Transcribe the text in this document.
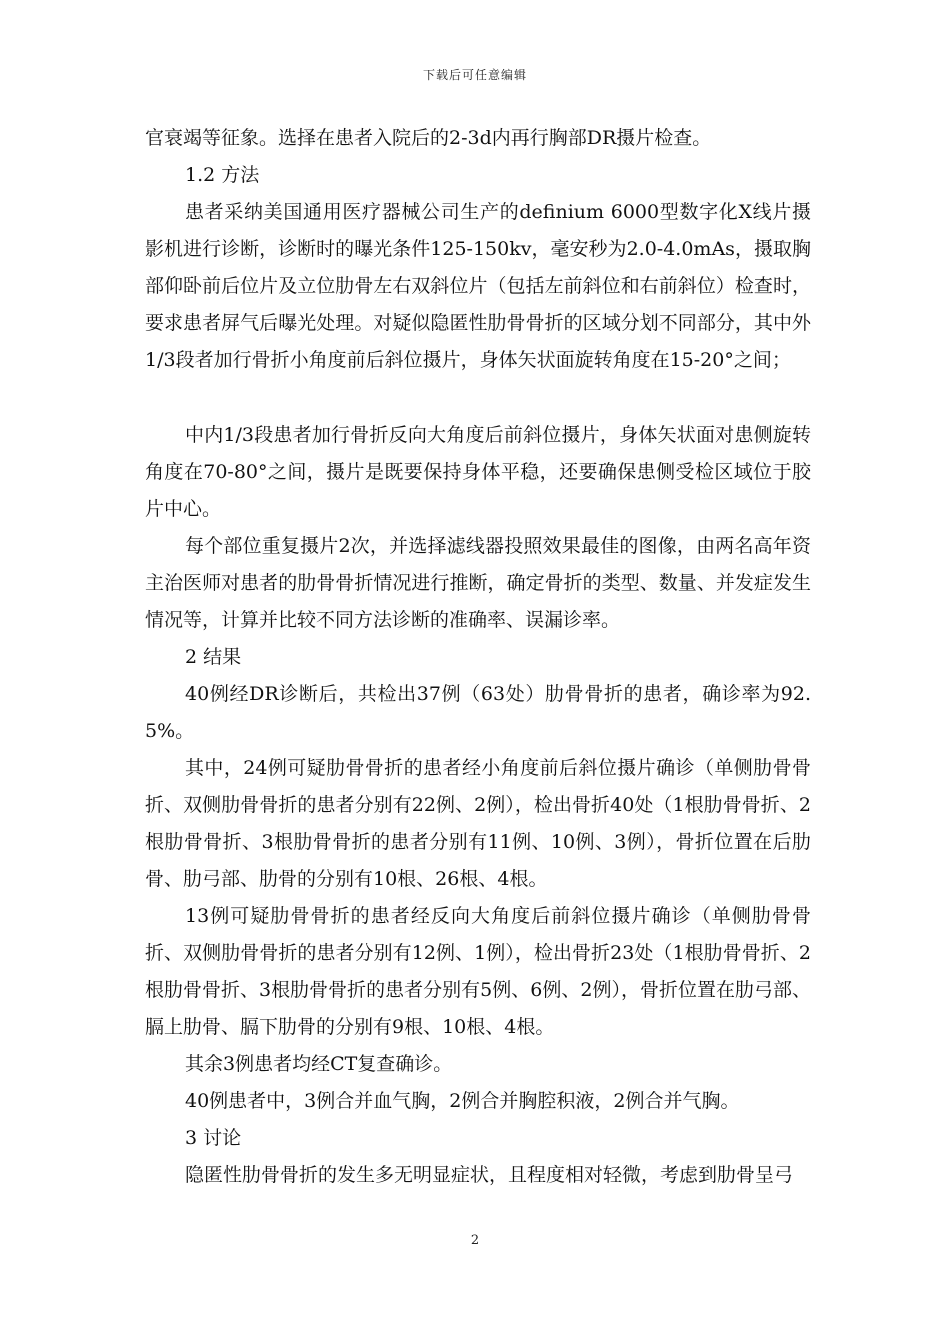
下载后可任意编辑

官衰竭等征象。选择在患者入院后的2-3d内再行胸部DR摄片检查。

1.2 方法

患者采纳美国通用医疗器械公司生产的definium 6000型数字化X线片摄影机进行诊断，诊断时的曝光条件125-150kv，毫安秒为2.0-4.0mAs，摄取胸部仰卧前后位片及立位肋骨左右双斜位片（包括左前斜位和右前斜位）检查时，要求患者屏气后曝光处理。对疑似隐匿性肋骨骨折的区域分划不同部分，其中外1/3段者加行骨折小角度前后斜位摄片，身体矢状面旋转角度在15-20°之间；

中内1/3段患者加行骨折反向大角度后前斜位摄片，身体矢状面对患侧旋转角度在70-80°之间，摄片是既要保持身体平稳，还要确保患侧受检区域位于胶片中心。

每个部位重复摄片2次，并选择滤线器投照效果最佳的图像，由两名高年资主治医师对患者的肋骨骨折情况进行推断，确定骨折的类型、数量、并发症发生情况等，计算并比较不同方法诊断的准确率、误漏诊率。

2 结果

40例经DR诊断后，共检出37例（63处）肋骨骨折的患者，确诊率为92.5%。

其中，24例可疑肋骨骨折的患者经小角度前后斜位摄片确诊（单侧肋骨骨折、双侧肋骨骨折的患者分别有22例、2例），检出骨折40处（1根肋骨骨折、2根肋骨骨折、3根肋骨骨折的患者分别有11例、10例、3例），骨折位置在后肋骨、肋弓部、肋骨的分别有10根、26根、4根。

13例可疑肋骨骨折的患者经反向大角度后前斜位摄片确诊（单侧肋骨骨折、双侧肋骨骨折的患者分别有12例、1例），检出骨折23处（1根肋骨骨折、2根肋骨骨折、3根肋骨骨折的患者分别有5例、6例、2例），骨折位置在肋弓部、膈上肋骨、膈下肋骨的分别有9根、10根、4根。

其余3例患者均经CT复查确诊。

40例患者中，3例合并血气胸，2例合并胸腔积液，2例合并气胸。

3 讨论

隐匿性肋骨骨折的发生多无明显症状，且程度相对轻微，考虑到肋骨呈弓

2
